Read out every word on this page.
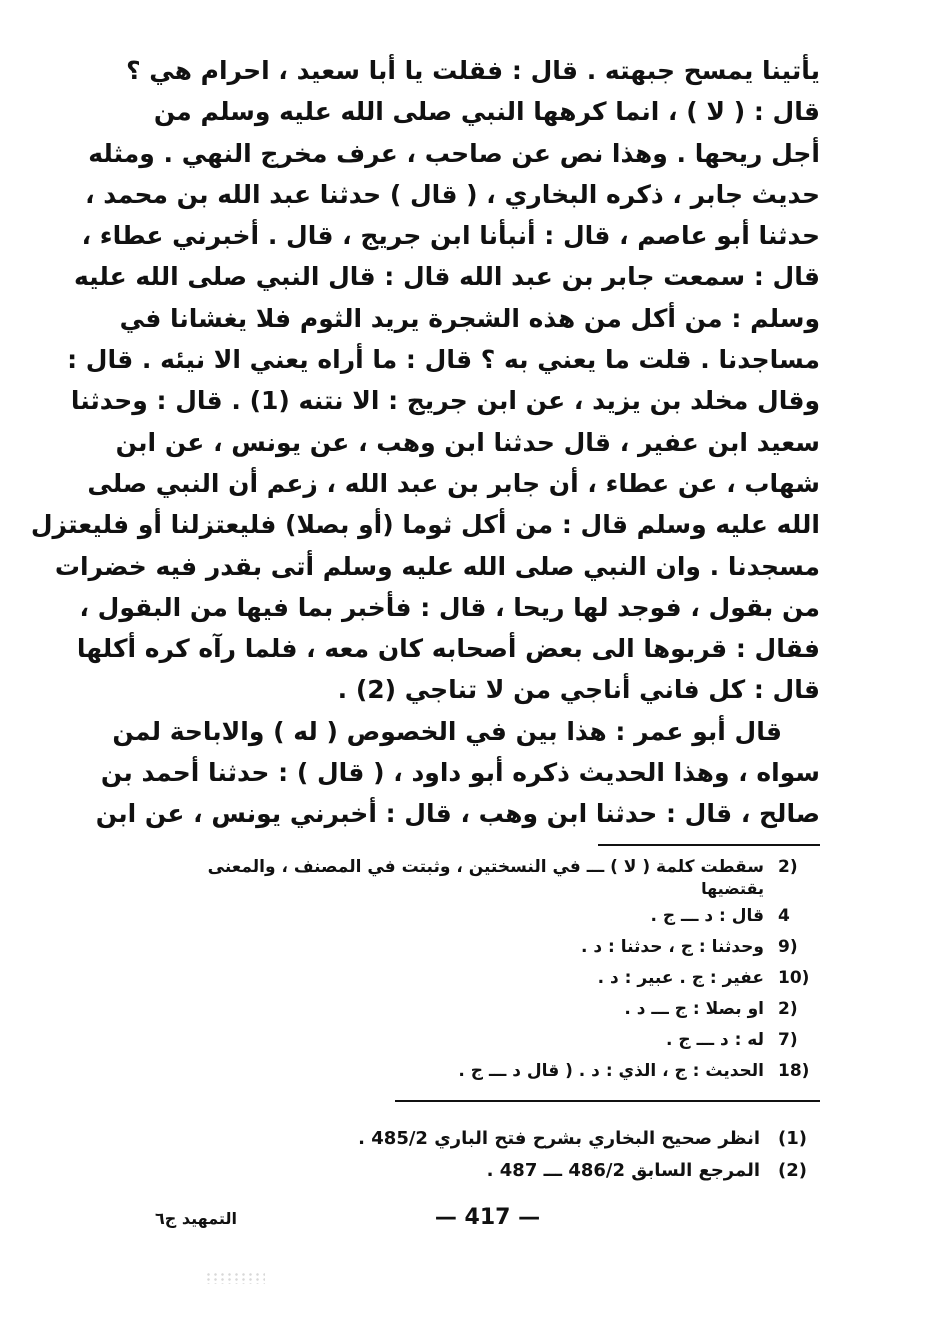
يأتينا يمسح جبهته . قال : فقلت يا أبا سعيد ، احرام هي ؟
قال : ( لا ) ، انما كرهها النبي صلى الله عليه وسلم من
أجل ريحها . وهذا نص عن صاحب ، عرف مخرج النهي . ومثله
حديث جابر ، ذكره البخاري ، ( قال ) حدثنا عبد الله بن محمد ،
حدثنا أبو عاصم ، قال : أنبأنا ابن جريج ، قال . أخبرني عطاء ،
قال : سمعت جابر بن عبد الله قال : قال النبي صلى الله عليه
وسلم : من أكل من هذه الشجرة يريد الثوم فلا يغشانا في
مساجدنا . قلت ما يعني به ؟ قال : ما أراه يعني الا نيئه . قال :
وقال مخلد بن يزيد ، عن ابن جريج : الا نتنه (1) . قال : وحدثنا
سعيد ابن عفير ، قال حدثنا ابن وهب ، عن يونس ، عن ابن
شهاب ، عن عطاء ، أن جابر بن عبد الله ، زعم أن النبي صلى
الله عليه وسلم قال : من أكل ثوما (أو بصلا) فليعتزلنا أو فليعتزل
مسجدنا . وان النبي صلى الله عليه وسلم أتى بقدر فيه خضرات
من بقول ، فوجد لها ريحا ، قال : فأخبر بما فيها من البقول ،
فقال : قربوها الى بعض أصحابه كان معه ، فلما رآه كره أكلها
قال : كل فاني أناجي من لا تناجي (2) .
قال أبو عمر : هذا بين في الخصوص ( له ) والاباحة لمن
سواه ، وهذا الحديث ذكره أبو داود ، ( قال ) : حدثنا أحمد بن
صالح ، قال : حدثنا ابن وهب ، قال : أخبرني يونس ، عن ابن
2)
سقطت كلمة ( لا ) ـــ في النسختين ، وثبتت في المصنف ، والمعنى
يقتضيها
4
قال : د ـــ ج .
9)
وحدثنا : ج ، حدثنا : د .
10)
عفير : ج . عبير : د .
2)
او بصلا : ج ـــ د .
7)
له : د ـــ ج .
18)
الحديث : ج ، الذي : د . ( قال د ـــ ج .
(1)
انظر صحيح البخاري بشرح فتح الباري 485/2 .
(2)
المرجع السابق 486/2 ـــ 487 .
— 417 —
التمهيد ج٦
